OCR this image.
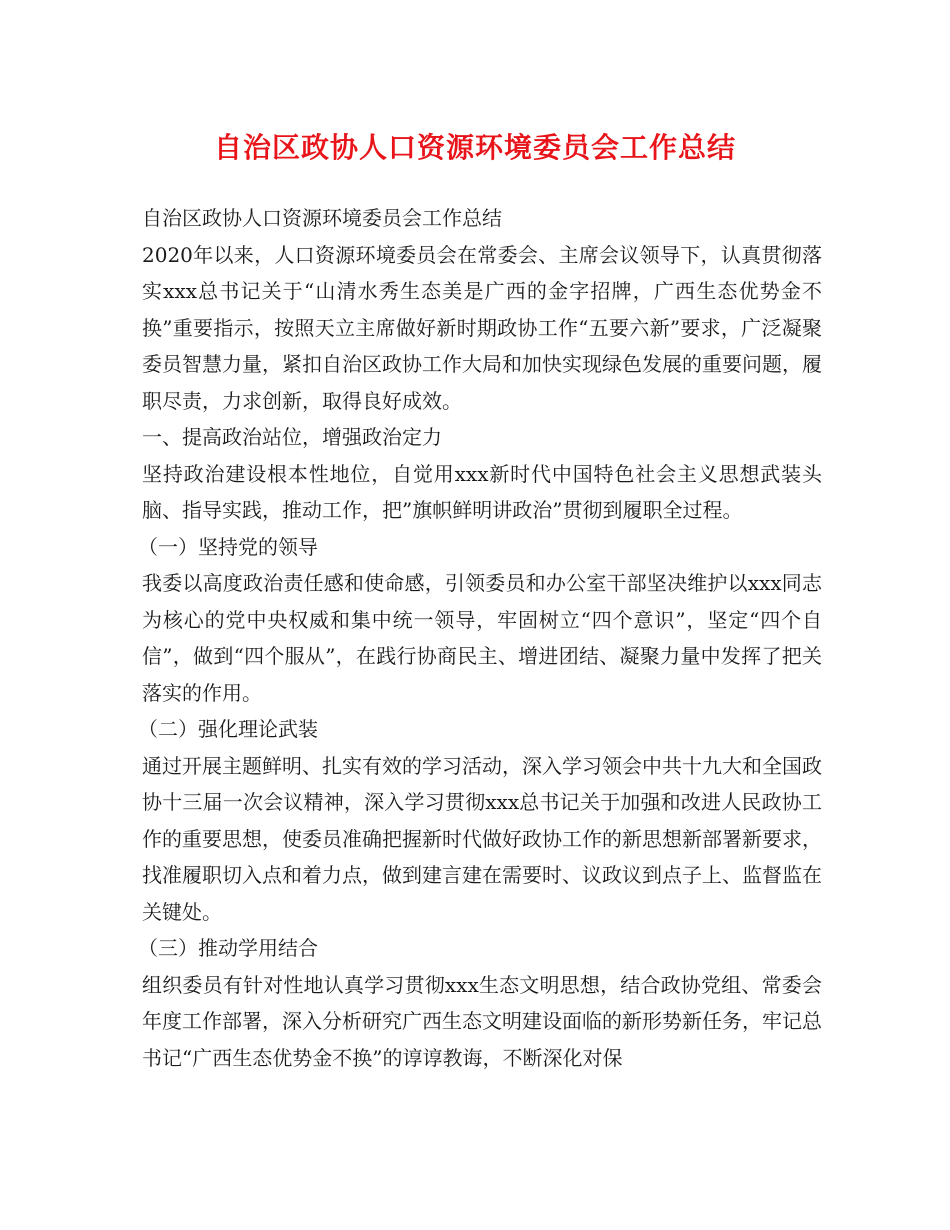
自治区政协人口资源环境委员会工作总结

自治区政协人口资源环境委员会工作总结

2020年以来，人口资源环境委员会在常委会、主席会议领导下，认真贯彻落实xxx总书记关于“山清水秀生态美是广西的金字招牌，广西生态优势金不换”重要指示，按照天立主席做好新时期政协工作“五要六新”要求，广泛凝聚委员智慧力量，紧扣自治区政协工作大局和加快实现绿色发展的重要问题，履职尽责，力求创新，取得良好成效。

一、提高政治站位，增强政治定力

坚持政治建设根本性地位，自觉用xxx新时代中国特色社会主义思想武装头脑、指导实践，推动工作，把”旗帜鲜明讲政治”贯彻到履职全过程。

（一）坚持党的领导

我委以高度政治责任感和使命感，引领委员和办公室干部坚决维护以xxx同志为核心的党中央权威和集中统一领导，牢固树立“四个意识”，坚定“四个自信”，做到“四个服从”，在践行协商民主、增进团结、凝聚力量中发挥了把关落实的作用。

（二）强化理论武装

通过开展主题鲜明、扎实有效的学习活动，深入学习领会中共十九大和全国政协十三届一次会议精神，深入学习贯彻xxx总书记关于加强和改进人民政协工作的重要思想，使委员准确把握新时代做好政协工作的新思想新部署新要求，找准履职切入点和着力点，做到建言建在需要时、议政议到点子上、监督监在关键处。

（三）推动学用结合

组织委员有针对性地认真学习贯彻xxx生态文明思想，结合政协党组、常委会年度工作部署，深入分析研究广西生态文明建设面临的新形势新任务，牢记总书记“广西生态优势金不换”的谆谆教诲，不断深化对保
